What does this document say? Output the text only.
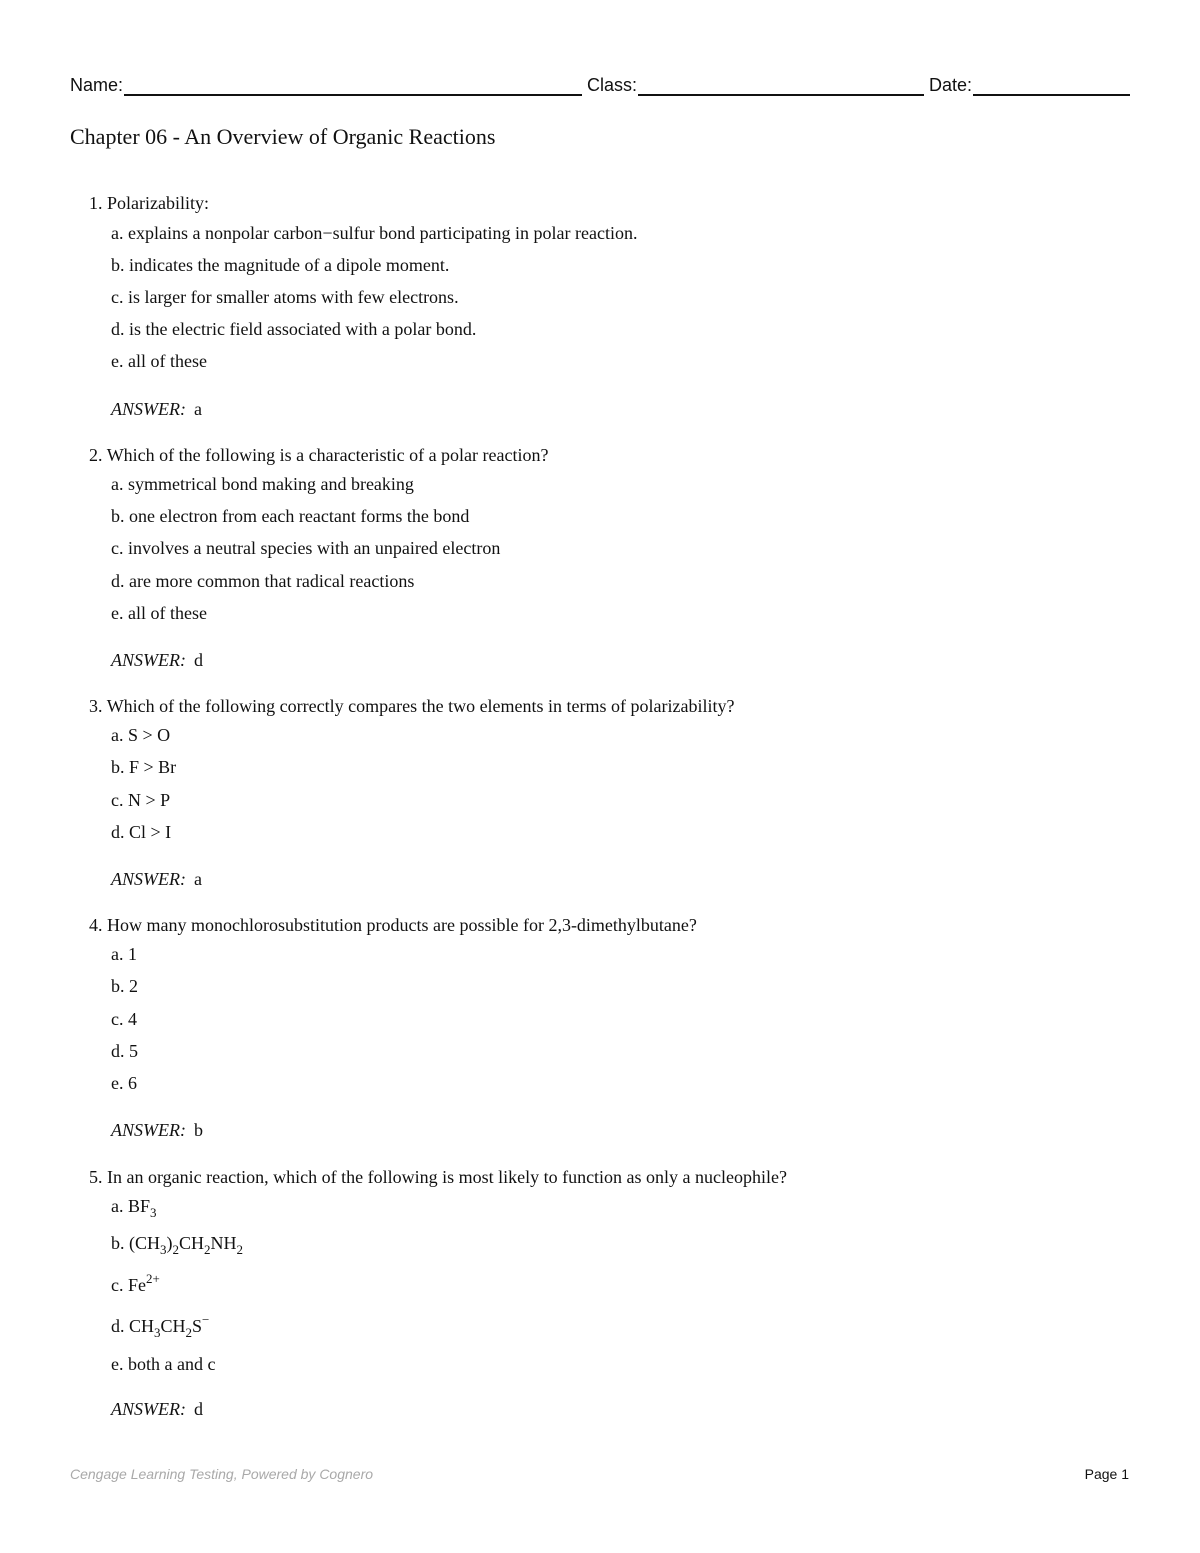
Name:	Class:	Date:
Chapter 06 - An Overview of Organic Reactions
1. Polarizability:
a. explains a nonpolar carbon−sulfur bond participating in polar reaction.
b. indicates the magnitude of a dipole moment.
c. is larger for smaller atoms with few electrons.
d. is the electric field associated with a polar bond.
e. all of these
ANSWER: a
2. Which of the following is a characteristic of a polar reaction?
a. symmetrical bond making and breaking
b. one electron from each reactant forms the bond
c. involves a neutral species with an unpaired electron
d. are more common that radical reactions
e. all of these
ANSWER: d
3. Which of the following correctly compares the two elements in terms of polarizability?
a. S > O
b. F > Br
c. N > P
d. Cl > I
ANSWER: a
4. How many monochlorosubstitution products are possible for 2,3-dimethylbutane?
a. 1
b. 2
c. 4
d. 5
e. 6
ANSWER: b
5. In an organic reaction, which of the following is most likely to function as only a nucleophile?
a. $BF_3$
b. $(CH_3)_2CH_2NH_2$
c. $Fe^{2+}$
d. $CH_3CH_2S^-$
e. both a and c
ANSWER: d
Cengage Learning Testing, Powered by Cognero	Page 1
